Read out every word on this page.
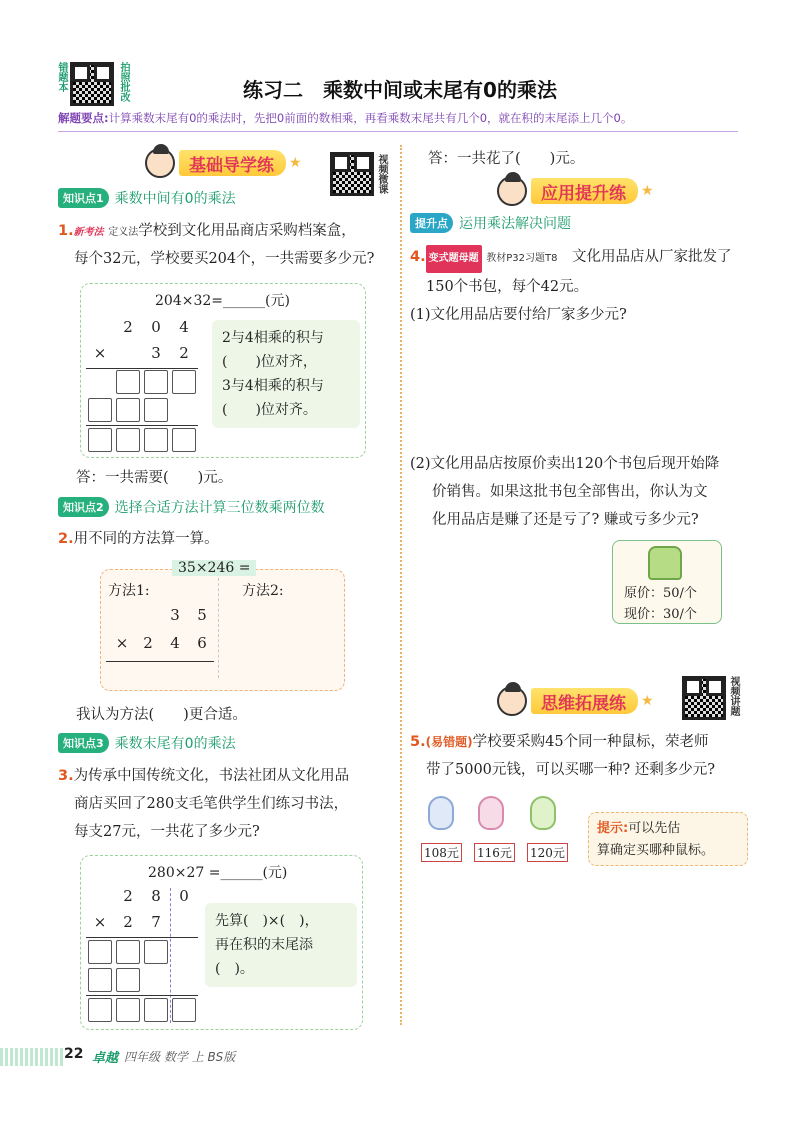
错题本	拍照批改	练习二　乘数中间或末尾有0的乘法
解题要点:计算乘数末尾有0的乘法时，先把0前面的数相乘，再看乘数末尾共有几个0，就在积的末尾添上几个0。
基础导学练	★	视频微课
知识点1 乘数中间有0的乘法
1.新考法 定义法学校到文化用品商店采购档案盒，
每个32元，学校要买204个，一共需要多少元?
204×32=______(元)
2	0	4
×	3	2
2与4相乘的积与
(　　)位对齐，
3与4相乘的积与
(　　)位对齐。
答：一共需要(　　)元。
知识点2 选择合适方法计算三位数乘两位数
2.用不同的方法算一算。
35×246 =
方法1:	方法2:
3	5
× 2	4	6
我认为方法(　　)更合适。
知识点3 乘数末尾有0的乘法
3.为传承中国传统文化，书法社团从文化用品
商店买回了280支毛笔供学生们练习书法，
每支27元，一共花了多少元?
280×27 =______(元)
2	8	0
×	2	7	先算(　)×(　)，
再在积的末尾添(　)。
答：一共花了(　　)元。
应用提升练	★
提升点 运用乘法解决问题
4. 变式题母题 教材P32习题T8　 文化用品店从厂家批发了
150个书包，每个42元。
(1)文化用品店要付给厂家多少元?
(2)文化用品店按原价卖出120个书包后现开始降
价销售。如果这批书包全部售出，你认为文
化用品店是赚了还是亏了? 赚或亏多少元?
原价：50/个
现价：30/个
思维拓展练	★	视频讲题
5.(易错题)学校要采购45个同一种鼠标，荣老师
带了5000元钱，可以买哪一种? 还剩多少元?
108元 116元 120元
提示:可以先估
算确定买哪种鼠标。
22 卓越 四年级 数学 上 BS版
